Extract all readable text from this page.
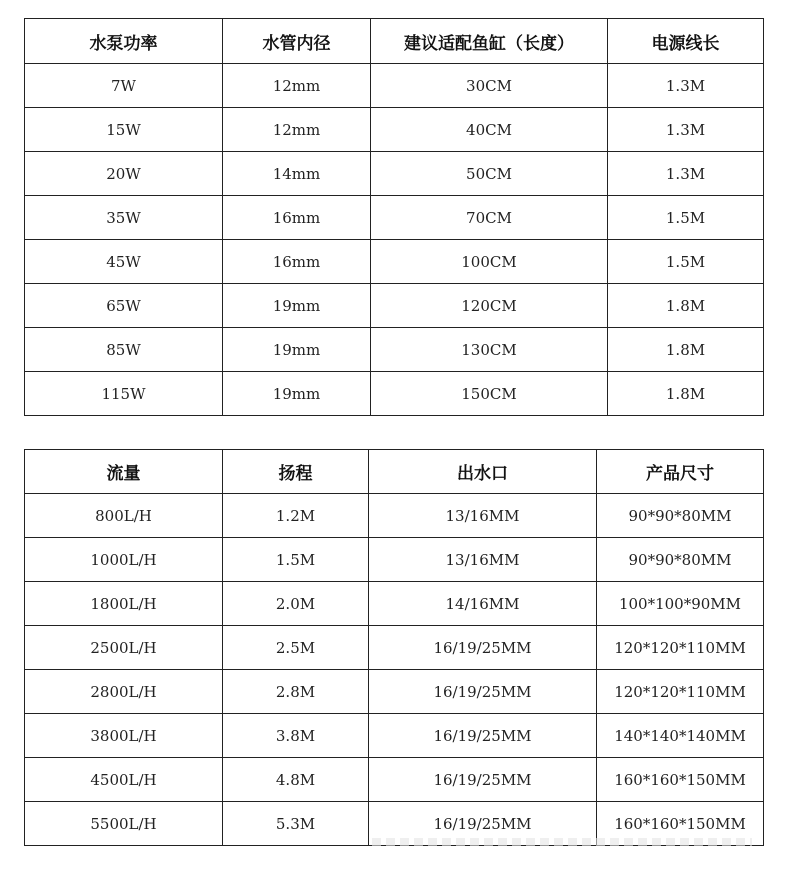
水泵功率	水管内径	建议适配鱼缸（长度）	电源线长
7W	12mm	30CM	1.3M
15W	12mm	40CM	1.3M
20W	14mm	50CM	1.3M
35W	16mm	70CM	1.5M
45W	16mm	100CM	1.5M
65W	19mm	120CM	1.8M
85W	19mm	130CM	1.8M
115W	19mm	150CM	1.8M
流量	扬程	出水口	产品尺寸
800L/H	1.2M	13/16MM	90*90*80MM
1000L/H	1.5M	13/16MM	90*90*80MM
1800L/H	2.0M	14/16MM	100*100*90MM
2500L/H	2.5M	16/19/25MM	120*120*110MM
2800L/H	2.8M	16/19/25MM	120*120*110MM
3800L/H	3.8M	16/19/25MM	140*140*140MM
4500L/H	4.8M	16/19/25MM	160*160*150MM
5500L/H	5.3M	16/19/25MM	160*160*150MM
